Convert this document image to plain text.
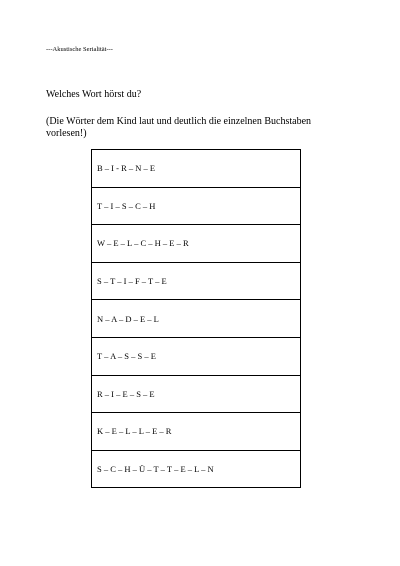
---Akustische Serialität---
Welches Wort hörst du?
(Die Wörter dem Kind laut und deutlich die einzelnen Buchstaben vorlesen!)
B – I - R – N – E
T – I – S – C – H
W – E – L – C – H – E – R
S – T – I – F – T – E
N – A – D – E – L
T – A – S – S – E
R – I – E – S – E
K – E – L – L – E – R
S – C – H – Ü – T – T – E – L – N
